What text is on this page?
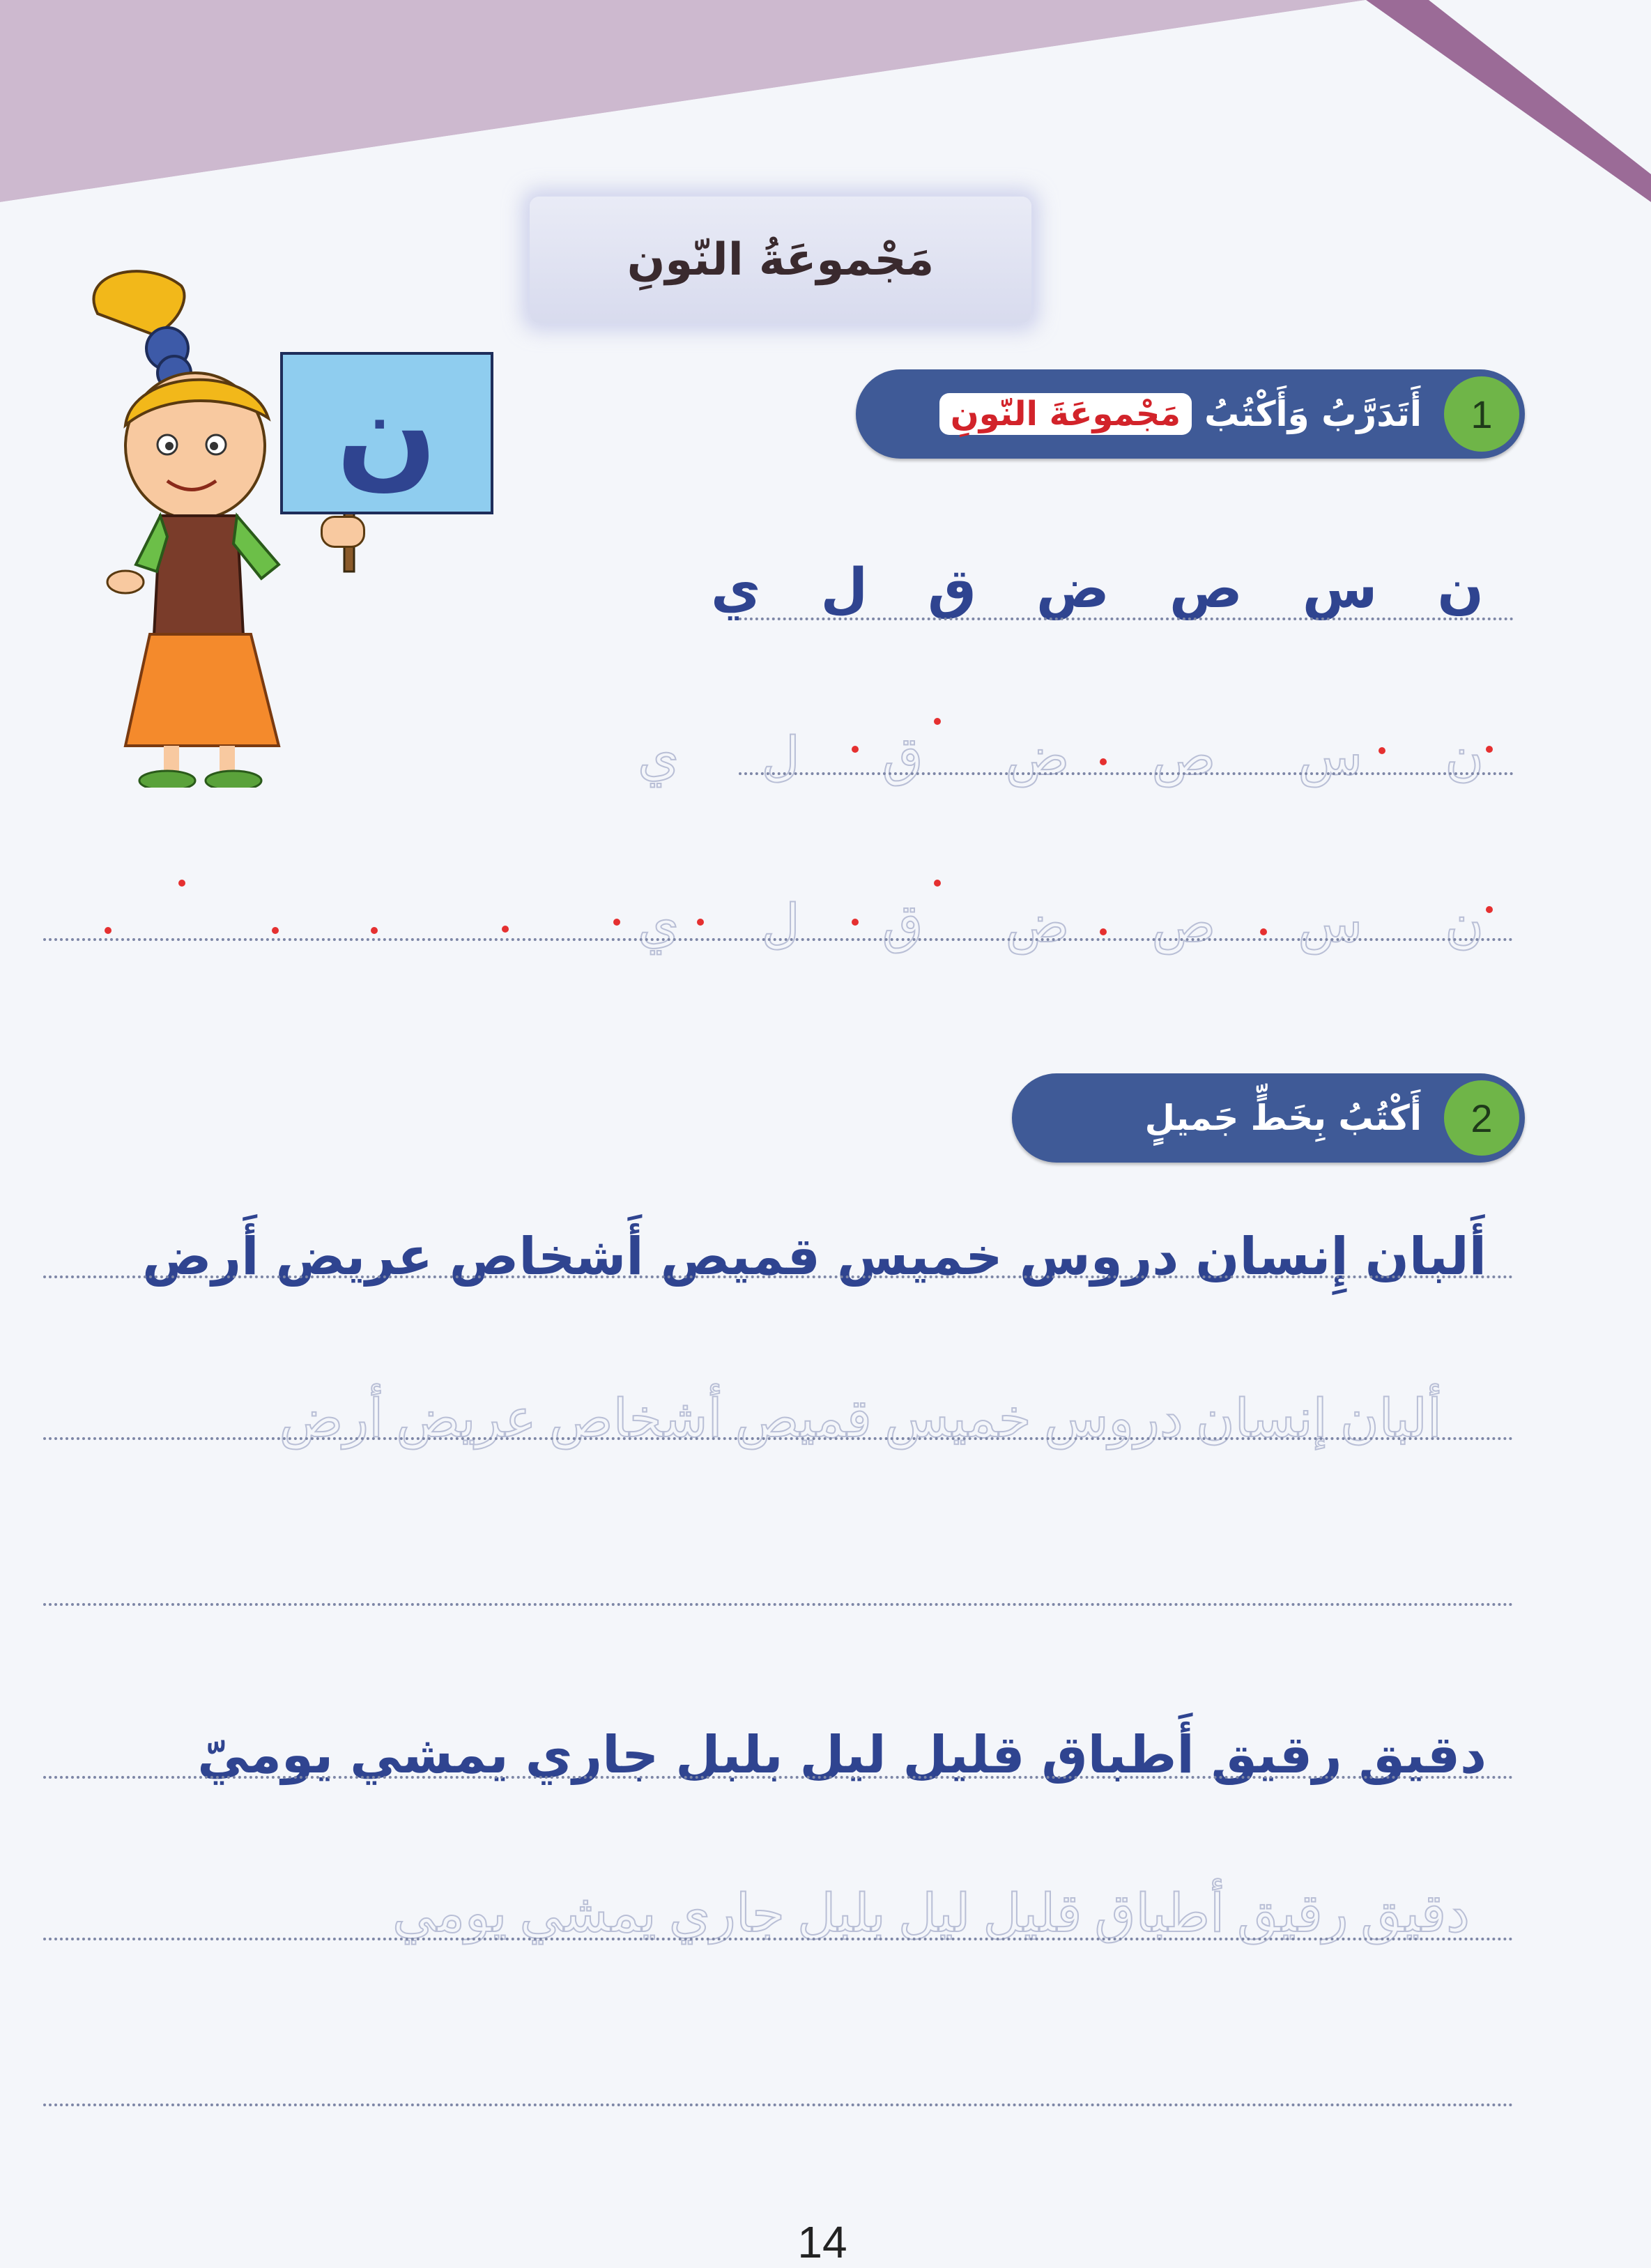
مَجْموعَةُ النّونِ
ن	1
أَتَدَرَّبُ وَأَكْتُبُ
مَجْموعَةَ النّونِ
ن
س
ص
ض
ق
ل
ي
ن
س
ص
ض
ق
ل
ي
ن
س
ص
ض
ق
ل
ي
2
أَكْتُبُ بِخَطٍّ جَميلٍ
أَلبان
إِنسان
دروس
خميس
قميص
أَشخاص
عريض
أَرض
ألبان
إنسان
دروس
خميس
قميص
أشخاص
عريض
أرض
دقيق
رقيق
أَطباق
قليل
ليل
بلبل
جاري
يمشي
يوميّ
دقيق
رقيق
أطباق
قليل
ليل
بلبل
جاري
يمشي
يومي
14
